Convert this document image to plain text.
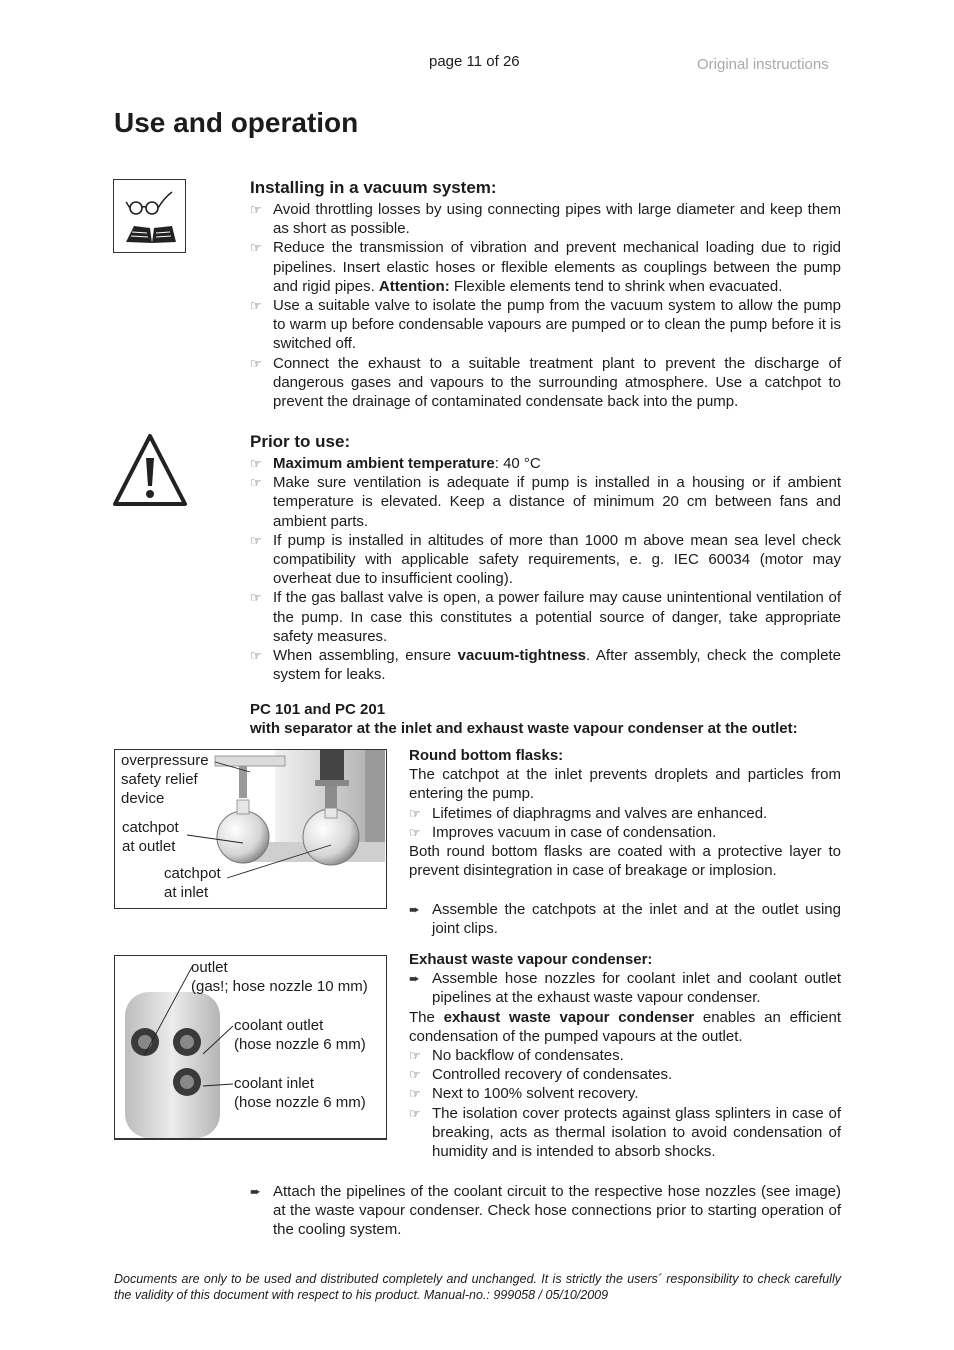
page 11 of 26	Original instructions
Use and operation
Installing in a vacuum system:
☞ Avoid throttling losses by using connecting pipes with large diameter and keep them as short as possible.
☞ Reduce the transmission of vibration and prevent mechanical loading due to rigid pipelines. Insert elastic hoses or flexible elements as couplings between the pump and rigid pipes. Attention: Flexible elements tend to shrink when evacuated.
☞ Use a suitable valve to isolate the pump from the vacuum system to allow the pump to warm up before condensable vapours are pumped or to clean the pump before it is switched off.
☞ Connect the exhaust to a suitable treatment plant to prevent the discharge of dangerous gases and vapours to the surrounding atmosphere. Use a catchpot to prevent the drainage of contaminated condensate back into the pump.
Prior to use:
☞ Maximum ambient temperature: 40 °C
☞ Make sure ventilation is adequate if pump is installed in a housing or if ambient temperature is elevated. Keep a distance of minimum 20 cm between fans and ambient parts.
☞ If pump is installed in altitudes of more than 1000 m above mean sea level check compatibility with applicable safety requirements, e. g. IEC 60034 (motor may overheat due to insufficient cooling).
☞ If the gas ballast valve is open, a power failure may cause unintentional ventilation of the pump. In case this constitutes a potential source of danger, take appropriate safety measures.
☞ When assembling, ensure vacuum-tightness. After assembly, check the complete system for leaks.
PC 101 and PC 201
with separator at the inlet and exhaust waste vapour condenser at the outlet:
overpressure
safety relief
device
catchpot
at outlet
catchpot
at inlet
Round bottom flasks:

The catchpot at the inlet prevents droplets and particles from entering the pump.

☞ Lifetimes of diaphragms and valves are enhanced.
☞ Improves vacuum in case of condensation.

Both round bottom flasks are coated with a protective layer to prevent disintegration in case of breakage or implosion.

➨ Assemble the catchpots at the inlet and at the outlet using joint clips.
outlet
(gas!; hose nozzle 10 mm)
coolant outlet
(hose nozzle 6 mm)
coolant inlet
(hose nozzle 6 mm)
Exhaust waste vapour condenser:
➨ Assemble hose nozzles for coolant inlet and coolant outlet pipelines at the exhaust waste vapour condenser.

The exhaust waste vapour condenser enables an efficient condensation of the pumped vapours at the outlet.

☞ No backflow of condensates.
☞ Controlled recovery of condensates.
☞ Next to 100% solvent recovery.
☞ The isolation cover protects against glass splinters in case of breaking, acts as thermal isolation to avoid condensation of humidity and is intended to absorb shocks.
➨ Attach the pipelines of the coolant circuit to the respective hose nozzles (see image) at the waste vapour condenser. Check hose connections prior to starting operation of the cooling system.
Documents are only to be used and distributed completely and unchanged. It is strictly the users´ responsibility to check carefully the validity of this document with respect to his product. Manual-no.: 999058 / 05/10/2009
